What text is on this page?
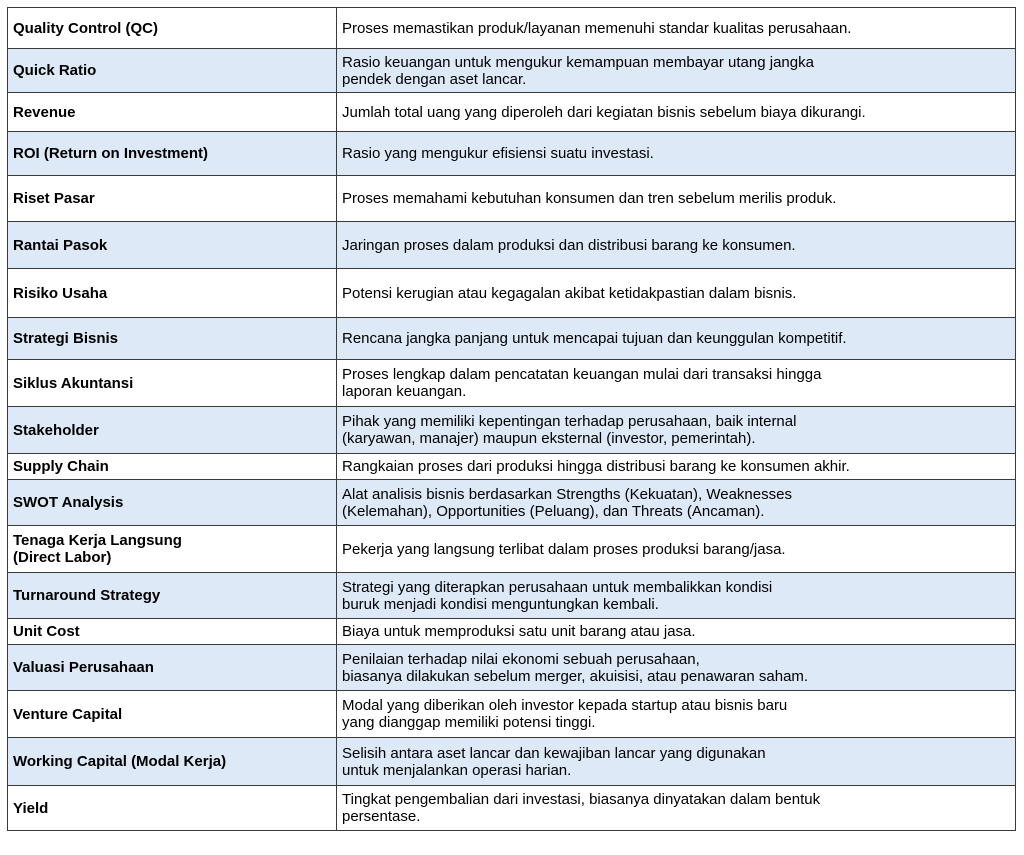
Quality Control (QC)	Proses memastikan produk/layanan memenuhi standar kualitas perusahaan.
Quick Ratio	Rasio keuangan untuk mengukur kemampuan membayar utang jangka
pendek dengan aset lancar.
Revenue	Jumlah total uang yang diperoleh dari kegiatan bisnis sebelum biaya dikurangi.
ROI (Return on Investment)	Rasio yang mengukur efisiensi suatu investasi.
Riset Pasar	Proses memahami kebutuhan konsumen dan tren sebelum merilis produk.
Rantai Pasok	Jaringan proses dalam produksi dan distribusi barang ke konsumen.
Risiko Usaha	Potensi kerugian atau kegagalan akibat ketidakpastian dalam bisnis.
Strategi Bisnis	Rencana jangka panjang untuk mencapai tujuan dan keunggulan kompetitif.
Siklus Akuntansi	Proses lengkap dalam pencatatan keuangan mulai dari transaksi hingga
laporan keuangan.
Stakeholder	Pihak yang memiliki kepentingan terhadap perusahaan, baik internal
(karyawan, manajer) maupun eksternal (investor, pemerintah).
Supply Chain	Rangkaian proses dari produksi hingga distribusi barang ke konsumen akhir.
SWOT Analysis	Alat analisis bisnis berdasarkan Strengths (Kekuatan), Weaknesses
(Kelemahan), Opportunities (Peluang), dan Threats (Ancaman).
Tenaga Kerja Langsung
(Direct Labor)	Pekerja yang langsung terlibat dalam proses produksi barang/jasa.
Turnaround Strategy	Strategi yang diterapkan perusahaan untuk membalikkan kondisi
buruk menjadi kondisi menguntungkan kembali.
Unit Cost	Biaya untuk memproduksi satu unit barang atau jasa.
Valuasi Perusahaan	Penilaian terhadap nilai ekonomi sebuah perusahaan,
biasanya dilakukan sebelum merger, akuisisi, atau penawaran saham.
Venture Capital	Modal yang diberikan oleh investor kepada startup atau bisnis baru
yang dianggap memiliki potensi tinggi.
Working Capital (Modal Kerja)	Selisih antara aset lancar dan kewajiban lancar yang digunakan
untuk menjalankan operasi harian.
Yield	Tingkat pengembalian dari investasi, biasanya dinyatakan dalam bentuk
persentase.
